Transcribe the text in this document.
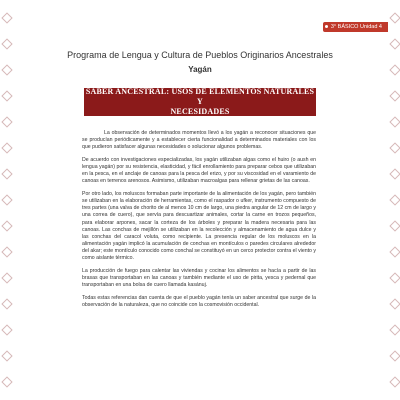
3° BÁSICO Unidad 4
Programa de Lengua y Cultura de Pueblos Originarios Ancestrales
Yagán
SABER ANCESTRAL: USOS DE ELEMENTOS NATURALES Y
NECESIDADES

La observación de determinados momentos llevó a los yagán a reconocer situaciones que se producían periódicamente y a establecer cierta funcionalidad a determinados materiales con los que pudieron satisfacer algunas necesidades o solucionar algunos problemas.

De acuerdo con investigaciones especializadas, los yagán utilizaban algas como el huiro (o aush en lengua yagán) por su resistencia, elasticidad, y fácil enrollamiento para preparar cebos que utilizaban en la pesca, en el anclaje de canoas para la pesca del erizo, y por su viscosidad en el varamiento de canoas en terrenos arenosos. Asimismo, utilizaban macroalgas para rellenar grietas de las canoas.

Por otro lado, los moluscos formaban parte importante de la alimentación de los yagán, pero también se utilizaban en la elaboración de herramientas, como el raspador o ufker, instrumento compuesto de tres partes (una valva de chorito de al menos 10 cm de largo, una piedra angular de 12 cm de largo y una correa de cuero), que servía para descuartizar animales, cortar la carne en trozos pequeños, para elaborar arpones, sacar la corteza de los árboles y preparar la madera necesaria para las canoas. Las conchas de mejillón se utilizaban en la recolección y almacenamiento de agua dulce y las conchas del caracol voluta, como recipiente. La presencia regular de los moluscos en la alimentación yagán implicó la acumulación de conchas en montículos o paredes circulares alrededor del akar; este montículo conocido como conchal se constituyó en un cerco protector contra el viento y como aislante térmico.

La producción de fuego para calentar las viviendas y cocinar los alimentos se hacía a partir de las brasas que transportaban en las canoas y también mediante el uso de pirita, yesca y pedernal que transportaban en una bolsa de cuero llamada kasánuj.

Todas estas referencias dan cuenta de que el pueblo yagán tenía un saber ancestral que surge de la observación de la naturaleza, que no coincide con la cosmovisión occidental.
